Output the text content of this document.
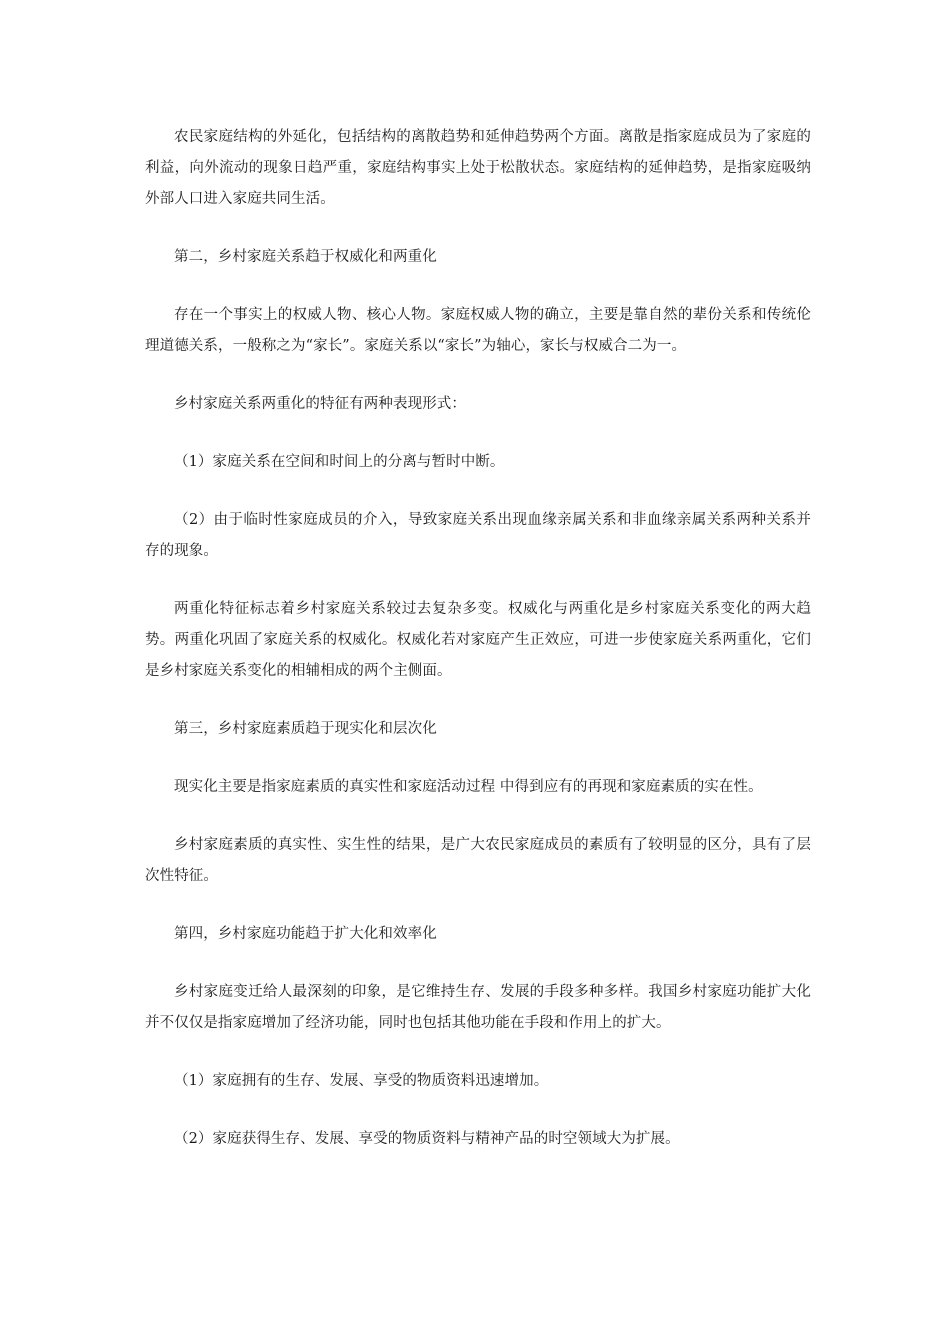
农民家庭结构的外延化，包括结构的离散趋势和延伸趋势两个方面。离散是指家庭成员为了家庭的利益，向外流动的现象日趋严重，家庭结构事实上处于松散状态。家庭结构的延伸趋势，是指家庭吸纳外部人口进入家庭共同生活。

第二，乡村家庭关系趋于权威化和两重化

存在一个事实上的权威人物、核心人物。家庭权威人物的确立，主要是靠自然的辈份关系和传统伦理道德关系，一般称之为“家长”。家庭关系以“家长”为轴心，家长与权威合二为一。

乡村家庭关系两重化的特征有两种表现形式：

（1）家庭关系在空间和时间上的分离与暂时中断。

（2）由于临时性家庭成员的介入，导致家庭关系出现血缘亲属关系和非血缘亲属关系两种关系并存的现象。

两重化特征标志着乡村家庭关系较过去复杂多变。权威化与两重化是乡村家庭关系变化的两大趋势。两重化巩固了家庭关系的权威化。权威化若对家庭产生正效应，可进一步使家庭关系两重化，它们是乡村家庭关系变化的相辅相成的两个主侧面。

第三，乡村家庭素质趋于现实化和层次化

现实化主要是指家庭素质的真实性和家庭活动过程 中得到应有的再现和家庭素质的实在性。

乡村家庭素质的真实性、实生性的结果，是广大农民家庭成员的素质有了较明显的区分，具有了层次性特征。

第四，乡村家庭功能趋于扩大化和效率化

乡村家庭变迁给人最深刻的印象，是它维持生存、发展的手段多种多样。我国乡村家庭功能扩大化并不仅仅是指家庭增加了经济功能，同时也包括其他功能在手段和作用上的扩大。

（1）家庭拥有的生存、发展、享受的物质资料迅速增加。

（2）家庭获得生存、发展、享受的物质资料与精神产品的时空领域大为扩展。
